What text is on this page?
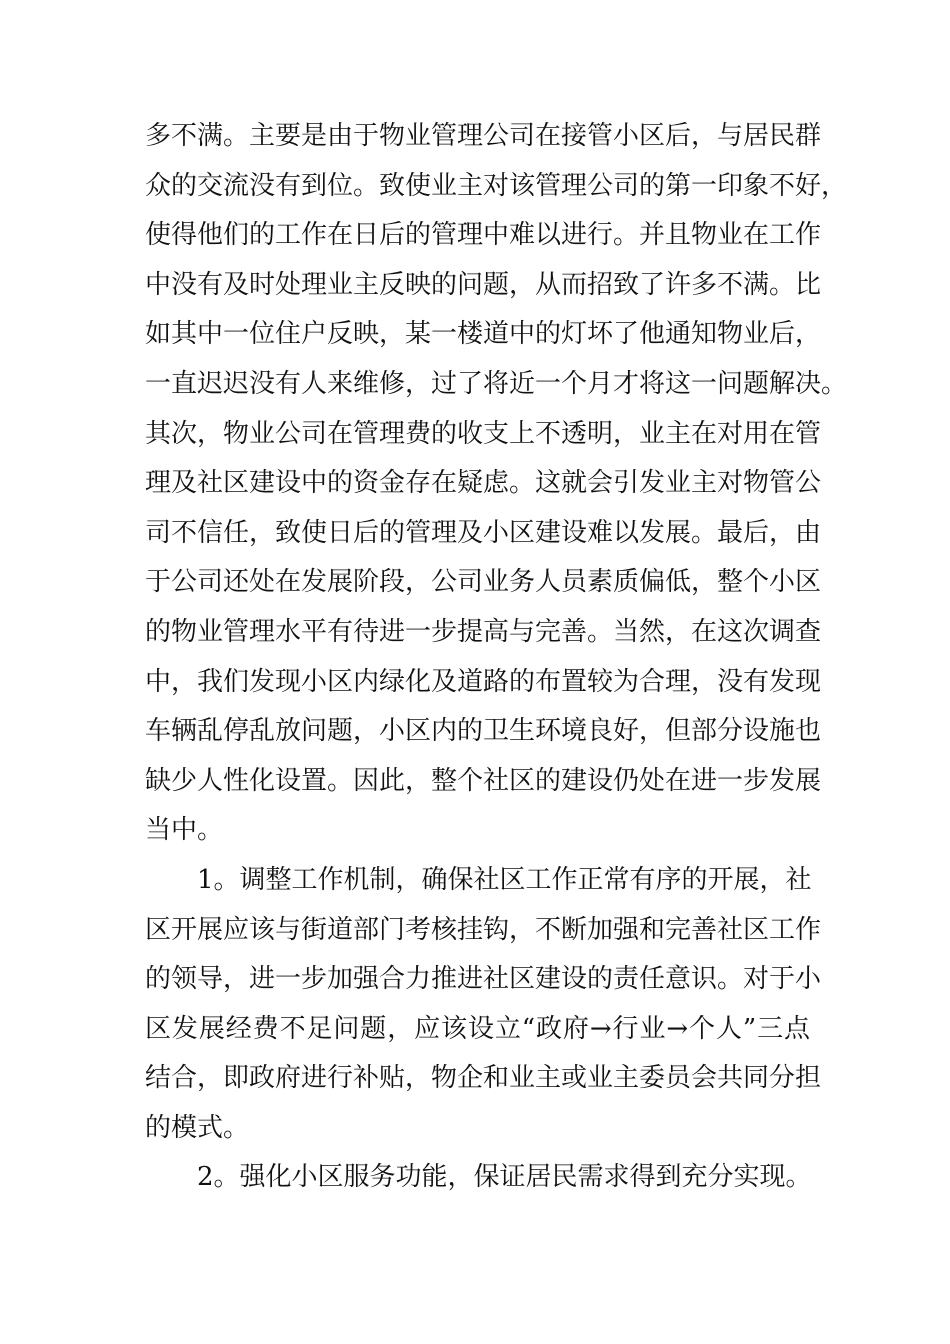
多不满。主要是由于物业管理公司在接管小区后，与居民群
众的交流没有到位。致使业主对该管理公司的第一印象不好，
使得他们的工作在日后的管理中难以进行。并且物业在工作
中没有及时处理业主反映的问题，从而招致了许多不满。比
如其中一位住户反映，某一楼道中的灯坏了他通知物业后，
一直迟迟没有人来维修，过了将近一个月才将这一问题解决。
其次，物业公司在管理费的收支上不透明，业主在对用在管
理及社区建设中的资金存在疑虑。这就会引发业主对物管公
司不信任，致使日后的管理及小区建设难以发展。最后，由
于公司还处在发展阶段，公司业务人员素质偏低，整个小区
的物业管理水平有待进一步提高与完善。当然，在这次调查
中，我们发现小区内绿化及道路的布置较为合理，没有发现
车辆乱停乱放问题，小区内的卫生环境良好，但部分设施也
缺少人性化设置。因此，整个社区的建设仍处在进一步发展
当中。
1。调整工作机制，确保社区工作正常有序的开展，社
区开展应该与街道部门考核挂钩，不断加强和完善社区工作
的领导，进一步加强合力推进社区建设的责任意识。对于小
区发展经费不足问题，应该设立“政府→行业→个人”三点
结合，即政府进行补贴，物企和业主或业主委员会共同分担
的模式。
2。强化小区服务功能，保证居民需求得到充分实现。
